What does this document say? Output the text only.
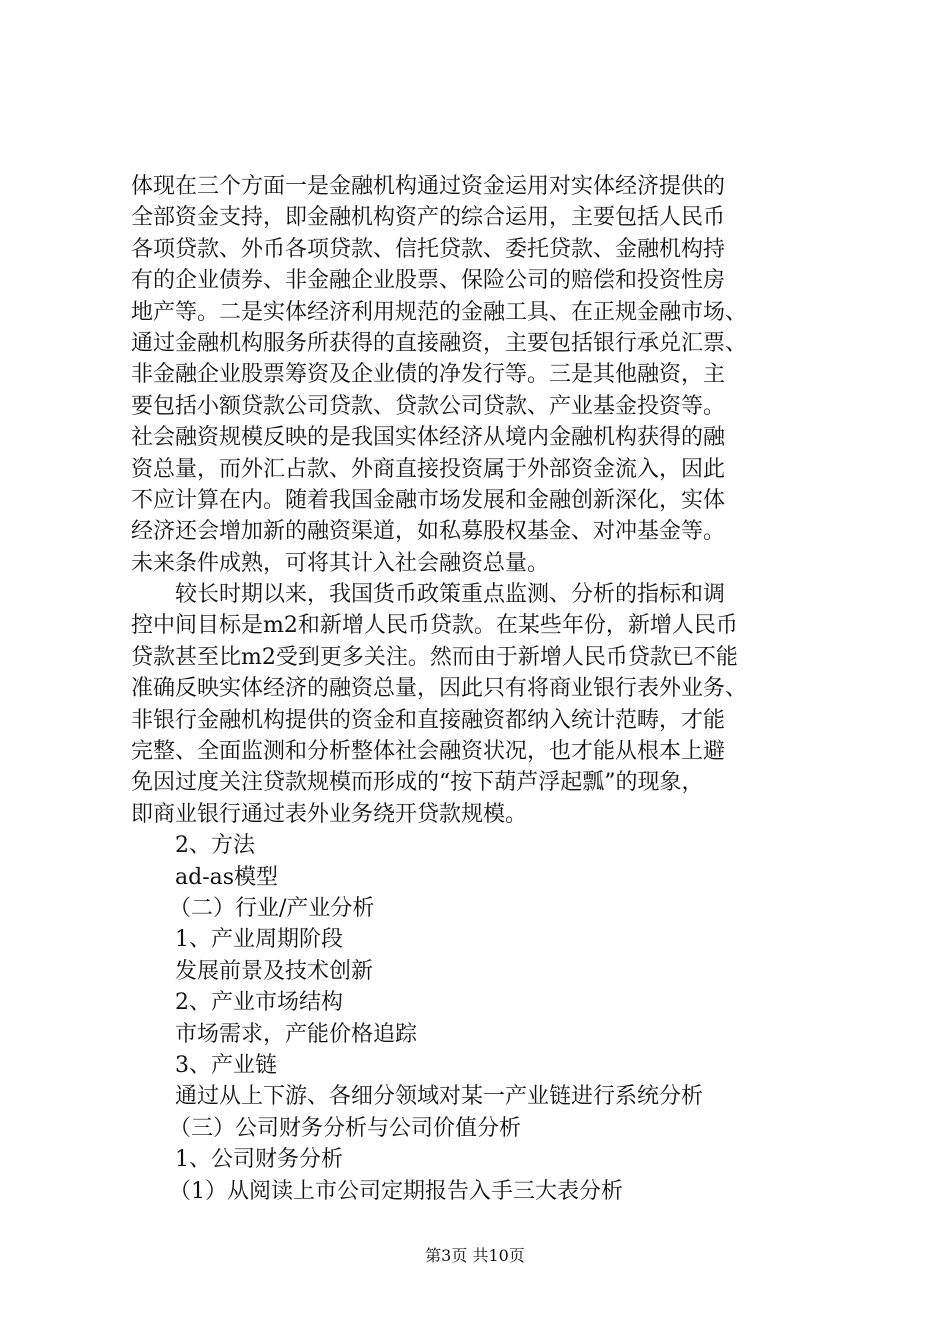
体现在三个方面一是金融机构通过资金运用对实体经济提供的
全部资金支持，即金融机构资产的综合运用，主要包括人民币
各项贷款、外币各项贷款、信托贷款、委托贷款、金融机构持
有的企业债券、非金融企业股票、保险公司的赔偿和投资性房
地产等。二是实体经济利用规范的金融工具、在正规金融市场、
通过金融机构服务所获得的直接融资，主要包括银行承兑汇票、
非金融企业股票筹资及企业债的净发行等。三是其他融资，主
要包括小额贷款公司贷款、贷款公司贷款、产业基金投资等。
社会融资规模反映的是我国实体经济从境内金融机构获得的融
资总量，而外汇占款、外商直接投资属于外部资金流入，因此
不应计算在内。随着我国金融市场发展和金融创新深化，实体
经济还会增加新的融资渠道，如私募股权基金、对冲基金等。
未来条件成熟，可将其计入社会融资总量。
较长时期以来，我国货币政策重点监测、分析的指标和调
控中间目标是m2和新增人民币贷款。在某些年份，新增人民币
贷款甚至比m2受到更多关注。然而由于新增人民币贷款已不能
准确反映实体经济的融资总量，因此只有将商业银行表外业务、
非银行金融机构提供的资金和直接融资都纳入统计范畴，才能
完整、全面监测和分析整体社会融资状况，也才能从根本上避
免因过度关注贷款规模而形成的“按下葫芦浮起瓢”的现象，
即商业银行通过表外业务绕开贷款规模。
2、方法
ad-as模型
（二）行业/产业分析
1、产业周期阶段
发展前景及技术创新
2、产业市场结构
市场需求，产能价格追踪
3、产业链
通过从上下游、各细分领域对某一产业链进行系统分析
（三）公司财务分析与公司价值分析
1、公司财务分析
（1）从阅读上市公司定期报告入手三大表分析
第3页 共10页
